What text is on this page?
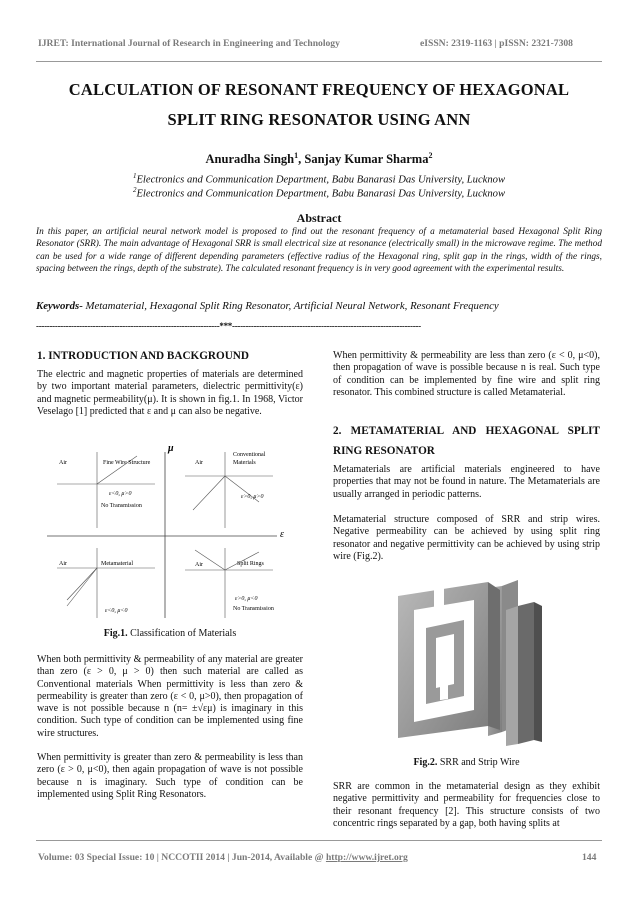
IJRET: International Journal of Research in Engineering and Technology	eISSN: 2319-1163 | pISSN: 2321-7308
CALCULATION OF RESONANT FREQUENCY OF HEXAGONAL
SPLIT RING RESONATOR USING ANN
Anuradha Singh$^1$, Sanjay Kumar Sharma$^2$
$^1$Electronics and Communication Department, Babu Banarasi Das University, Lucknow
$^2$Electronics and Communication Department, Babu Banarasi Das University, Lucknow
Abstract
In this paper, an artificial neural network model is proposed to find out the resonant frequency of a metamaterial based Hexagonal Split Ring Resonator (SRR). The main advantage of Hexagonal SRR is small electrical size at resonance (electrically small) in the microwave regime. The method can be used for a wide range of different depending parameters (effective radius of the Hexagonal ring, split gap in the rings, width of the rings, spacing between the rings, depth of the substrate). The calculated resonant frequency is in very good agreement with the experimental results.
Keywords- Metamaterial, Hexagonal Split Ring Resonator, Artificial Neural Network, Resonant Frequency
--------------------------------------------------------------------***----------------------------------------------------------------------
1. INTRODUCTION AND BACKGROUND
The electric and magnetic properties of materials are determined by two important material parameters, dielectric permittivity(ε) and magnetic permeability(μ). It is shown in fig.1. In 1968, Victor Veselago [1] predicted that ε and μ can also be negative.
μ
ε
Air	Fine Wire Structure
ε<0, μ>0
No Transmission
Air
Conventional
Materials
ε>0, μ>0
Air	Metamaterial
ε<0, μ<0
Air	Split Rings
ε>0, μ<0
No Transmission
Fig.1. Classification of Materials
When both permittivity & permeability of any material are greater than zero (ε > 0, μ > 0) then such material are called as Conventional materials When permittivity is less than zero & permeability is greater than zero (ε < 0, μ>0), then propagation of wave is not possible because n (n= ±√εμ) is imaginary in this condition. Such type of condition can be implemented using fine wire structures.
When permittivity is greater than zero & permeability is less than zero (ε > 0, μ<0), then again propagation of wave is not possible because n is imaginary. Such type of condition can be implemented using Split Ring Resonators.
When permittivity & permeability are less than zero (ε < 0, μ<0), then propagation of wave is possible because n is real. Such type of condition can be implemented by fine wire and split ring resonator. This combined structure is called Metamaterial.
2. METAMATERIAL AND HEXAGONAL SPLIT
RING RESONATOR
Metamaterials are artificial materials engineered to have properties that may not be found in nature. The Metamaterials are usually arranged in periodic patterns.
Metamaterial structure composed of SRR and strip wires. Negative permeability can be achieved by using split ring resonator and negative permittivity can be achieved by using strip wire (Fig.2).
Fig.2. SRR and Strip Wire
SRR are common in the metamaterial design as they exhibit negative permittivity and permeability for frequencies close to their resonant frequency [2]. This structure consists of two concentric rings separated by a gap, both having splits at
Volume: 03 Special Issue: 10 | NCCOTII 2014 | Jun-2014, Available @ http://www.ijret.org	144
